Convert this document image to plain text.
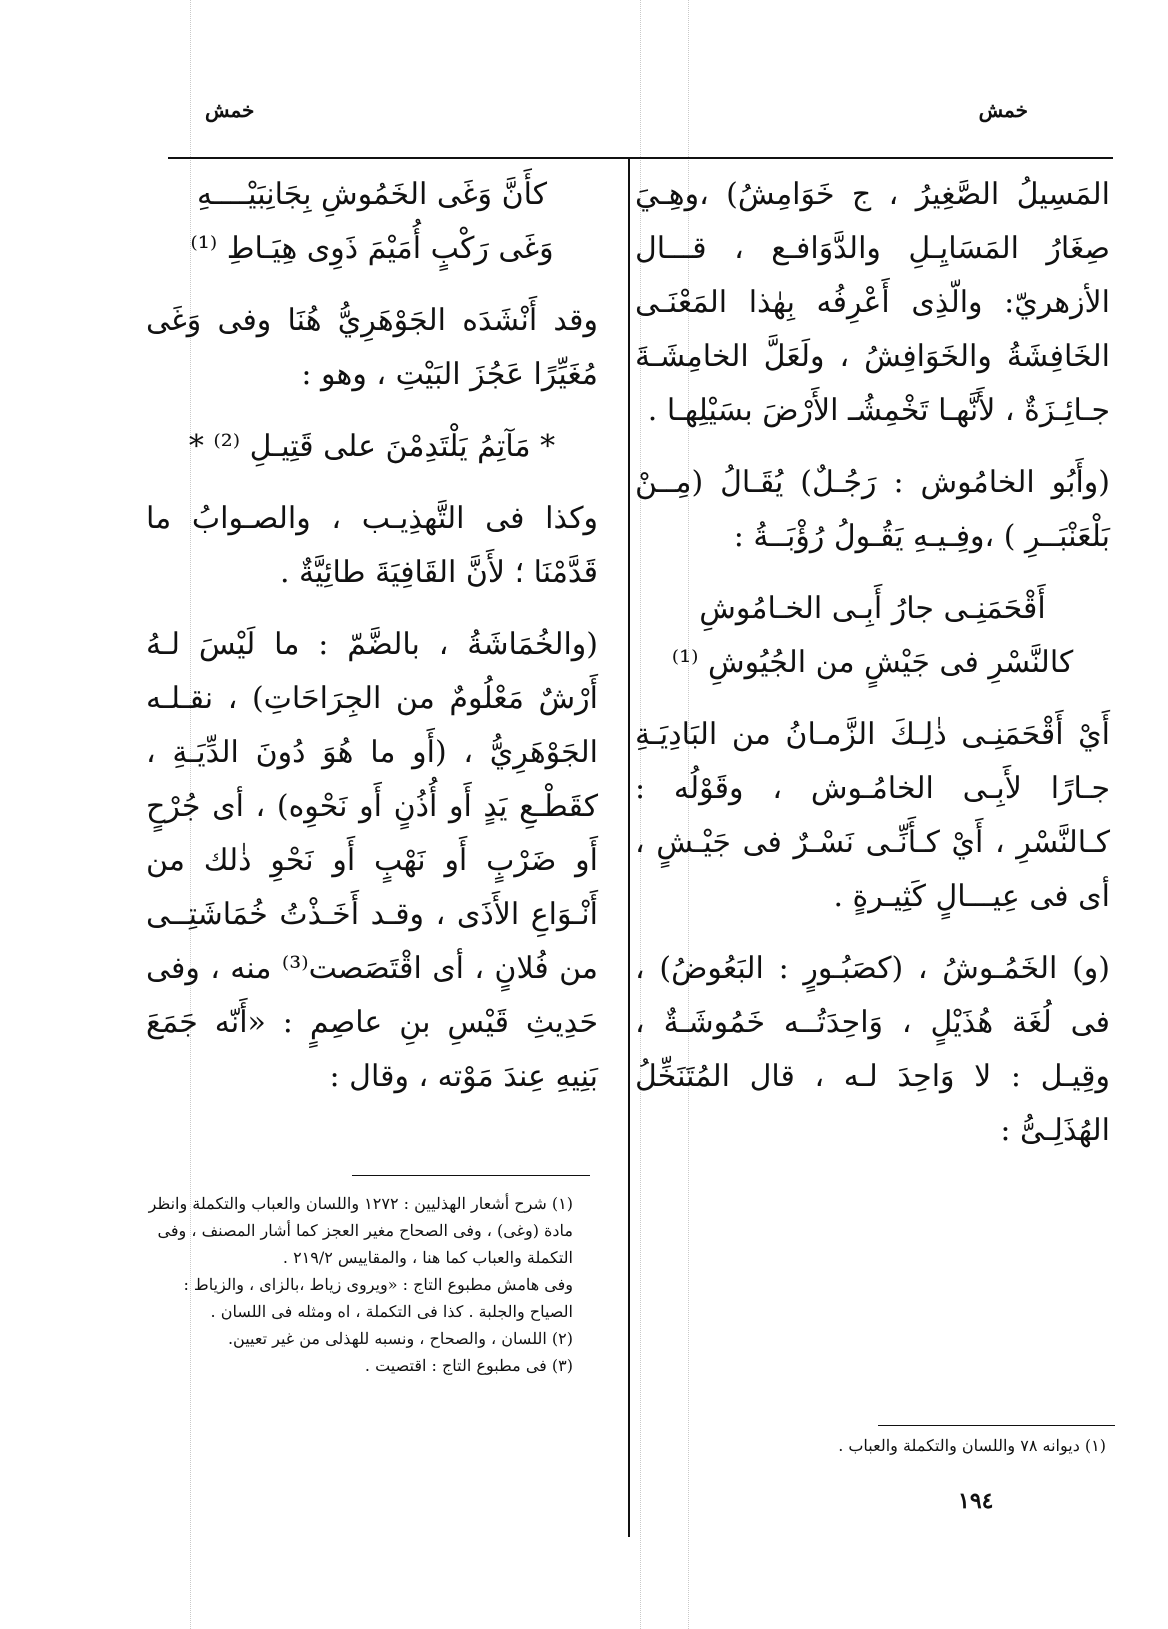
خمش
خمش

المَسِيلُ الصَّغِيرُ ، ج خَوَامِشُ) ،وهِـيَ صِغَارُ المَسَايِـلِ والدَّوَافـع ، قـــال الأزهريّ: والّذِى أَعْرِفُه بِهٰذا المَعْنَـى الخَافِشَةُ والخَوَافِشُ ، ولَعَلَّ الخامِشَـةَ جـائِـزَةٌ ، لأَنَّهـا تَخْمِشُـ الأَرْضَ بسَيْلِهـا .

(وأَبُو الخامُوش : رَجُـلٌ) يُقَـالُ (مِــنْ بَلْعَنْبَــرِ ) ،وفِـيـهِ يَقُـولُ رُؤْبَــةُ :

أَقْحَمَنِـى جارُ أَبِـى الخـامُوشِ

كالنَّسْرِ فى جَيْشٍ من الجُيُوشِ ⁽¹⁾

أَيْ أَقْحَمَنِـى ذٰلِـكَ الزَّمـانُ من البَادِيَـةِ جـارًا لأَبِـى الخامُـوش ، وقَوْلُه : كـالنَّسْرِ ، أَيْ كـأَنِّـى نَسْـرٌ فى جَيْـشٍ ، أى فى عِيـــالٍ كَثِيـرةٍ .

(و) الخَمُـوشُ ، (كصَبُـورٍ : البَعُوضُ) ، فى لُغَة هُذَيْلٍ ، وَاحِدَتُــه خَمُوشَـةٌ ، وقِيـل : لا وَاحِدَ لـه ، قال المُتَنَخِّلُ الهُذَلِـىُّ :

كأَنَّ وَغَى الخَمُوشِ بِجَانِبَيْــــهِ

وَغَى رَكْبٍ أُمَيْمَ ذَوِى هِيَـاطِ ⁽¹⁾

وقد أَنْشَدَه الجَوْهَرِيُّ هُنَا وفى وَغَى مُغَيِّرًا عَجُزَ البَيْتِ ، وهو :

* مَآتِمُ يَلْتَدِمْنَ على قَتِيـلِ ⁽²⁾ *

وكذا فى التَّهذِيـب ، والصـوابُ ما قَدَّمْنَا ؛ لأَنَّ القَافِيَةَ طائِيَّةٌ .

(والخُمَاشَةُ ، بالضَّمّ : ما لَيْسَ لـهُ أَرْشٌ مَعْلُومٌ من الجِرَاحَاتِ) ، نقـلـه الجَوْهَرِيُّ ، (أَو ما هُوَ دُونَ الدِّيَـةِ ، كقَطْـعِ يَدٍ أَو أُذُنٍ أَو نَحْوِه) ، أى جُرْحٍ أَو ضَرْبٍ أَو نَهْبٍ أَو نَحْوِ ذٰلك من أَنْـوَاعِ الأَذَى ، وقـد أَخَـذْتُ خُمَاشَتِــى من فُلانٍ ، أى اقْتَصَصت⁽³⁾ منه ، وفى حَدِيثِ قَيْسِ بنِ عاصِمٍ : «أَنّه جَمَعَ بَنِيهِ عِندَ مَوْته ، وقال :

(١) شرح أشعار الهذليين : ١٢٧٢ واللسان والعباب والتكملة وانظر مادة (وغى) ، وفى الصحاح مغير العجز كما أشار المصنف ، وفى التكملة والعباب كما هنا ، والمقاييس ٢١٩/٢ .

وفى هامش مطبوع التاج : «ويروى زياط ،بالزاى ، والزياط : الصياح والجلبة . كذا فى التكملة ، اه ومثله فى اللسان .

(٢) اللسان ، والصحاح ، ونسبه للهذلى من غير تعيين.

(٣) فى مطبوع التاج : اقتصيت .

(١) ديوانه ٧٨ واللسان والتكملة والعباب .

١٩٤
